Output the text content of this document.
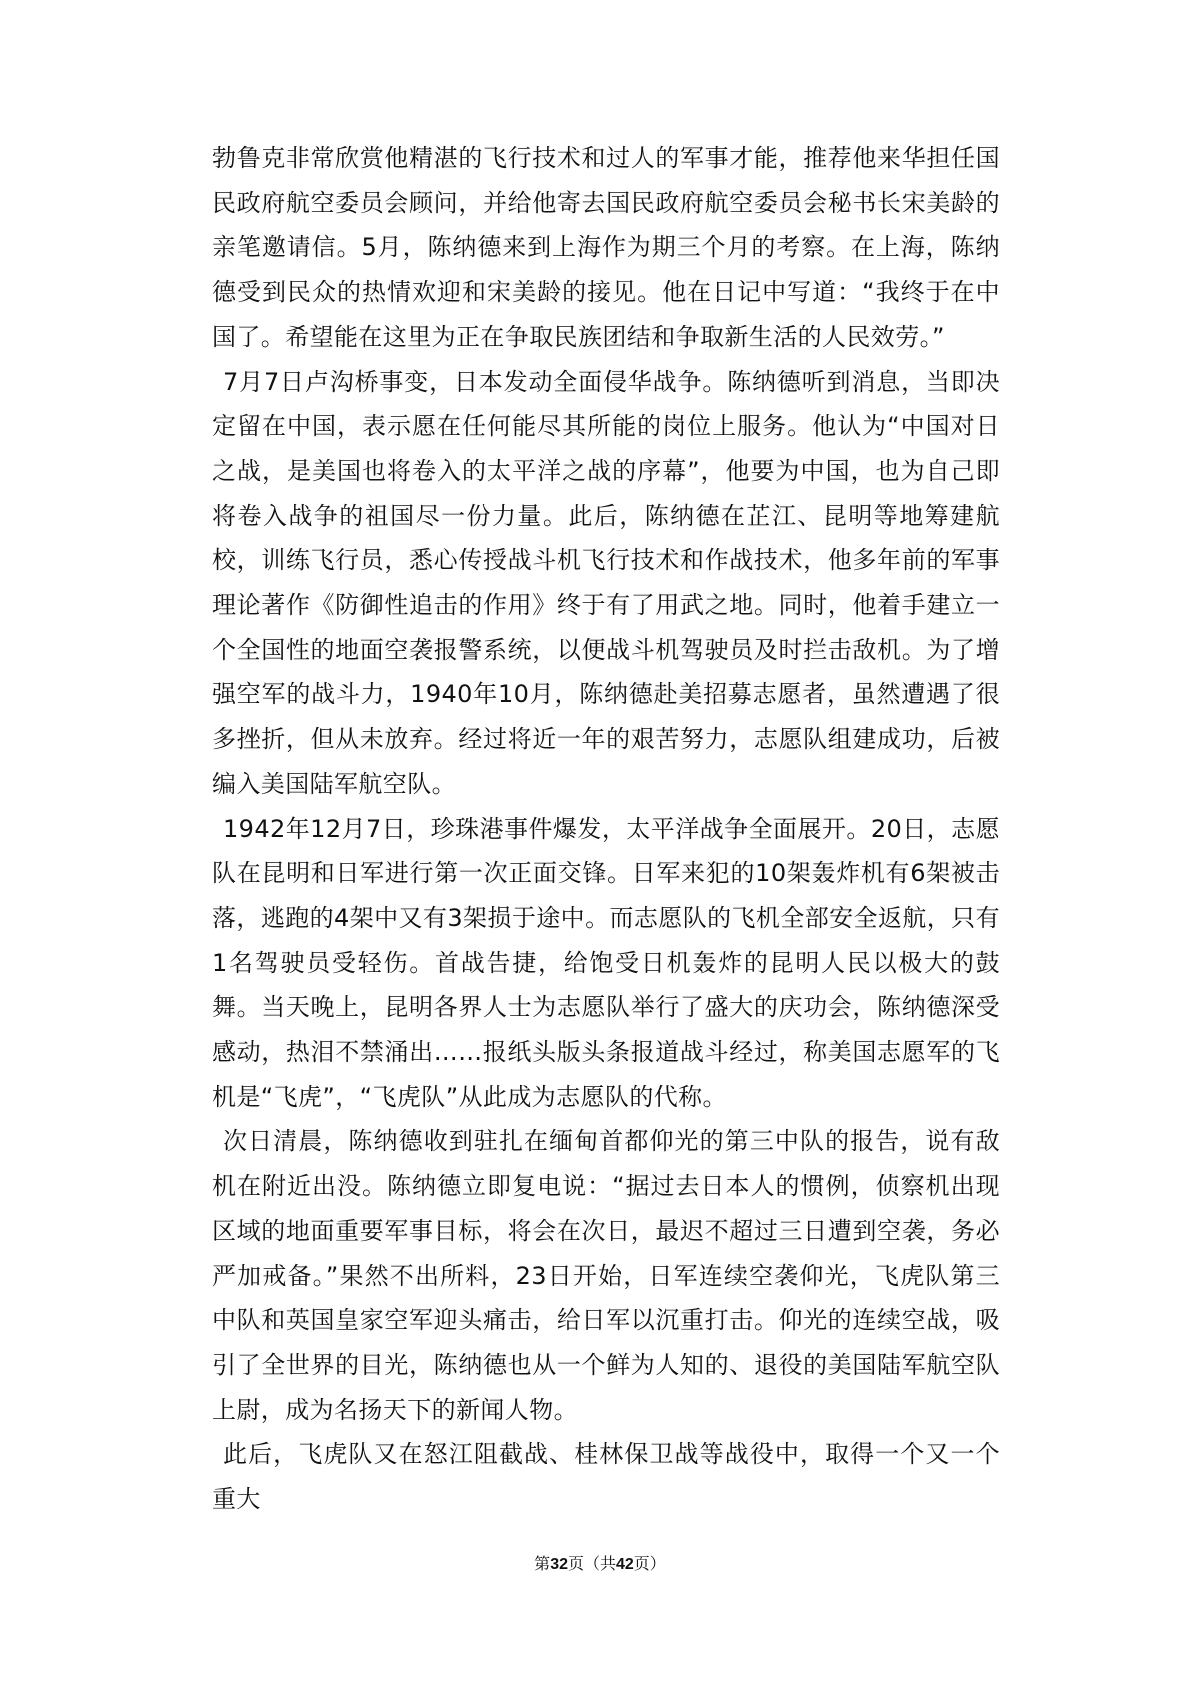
勃鲁克非常欣赏他精湛的飞行技术和过人的军事才能，推荐他来华担任国民政府航空委员会顾问，并给他寄去国民政府航空委员会秘书长宋美龄的亲笔邀请信。5月，陈纳德来到上海作为期三个月的考察。在上海，陈纳德受到民众的热情欢迎和宋美龄的接见。他在日记中写道：“我终于在中国了。希望能在这里为正在争取民族团结和争取新生活的人民效劳。”

7月7日卢沟桥事变，日本发动全面侵华战争。陈纳德听到消息，当即决定留在中国，表示愿在任何能尽其所能的岗位上服务。他认为“中国对日之战，是美国也将卷入的太平洋之战的序幕”，他要为中国，也为自己即将卷入战争的祖国尽一份力量。此后，陈纳德在芷江、昆明等地筹建航校，训练飞行员，悉心传授战斗机飞行技术和作战技术，他多年前的军事理论著作《防御性追击的作用》终于有了用武之地。同时，他着手建立一个全国性的地面空袭报警系统，以便战斗机驾驶员及时拦击敌机。为了增强空军的战斗力，1940年10月，陈纳德赴美招募志愿者，虽然遭遇了很多挫折，但从未放弃。经过将近一年的艰苦努力，志愿队组建成功，后被编入美国陆军航空队。

1942年12月7日，珍珠港事件爆发，太平洋战争全面展开。20日，志愿队在昆明和日军进行第一次正面交锋。日军来犯的10架轰炸机有6架被击落，逃跑的4架中又有3架损于途中。而志愿队的飞机全部安全返航，只有1名驾驶员受轻伤。首战告捷，给饱受日机轰炸的昆明人民以极大的鼓舞。当天晚上，昆明各界人士为志愿队举行了盛大的庆功会，陈纳德深受感动，热泪不禁涌出……报纸头版头条报道战斗经过，称美国志愿军的飞机是“飞虎”，“飞虎队”从此成为志愿队的代称。

次日清晨，陈纳德收到驻扎在缅甸首都仰光的第三中队的报告，说有敌机在附近出没。陈纳德立即复电说：“据过去日本人的惯例，侦察机出现区域的地面重要军事目标，将会在次日，最迟不超过三日遭到空袭，务必严加戒备。”果然不出所料，23日开始，日军连续空袭仰光，飞虎队第三中队和英国皇家空军迎头痛击，给日军以沉重打击。仰光的连续空战，吸引了全世界的目光，陈纳德也从一个鲜为人知的、退役的美国陆军航空队上尉，成为名扬天下的新闻人物。

此后，飞虎队又在怒江阻截战、桂林保卫战等战役中，取得一个又一个重大

第32页（共42页）
